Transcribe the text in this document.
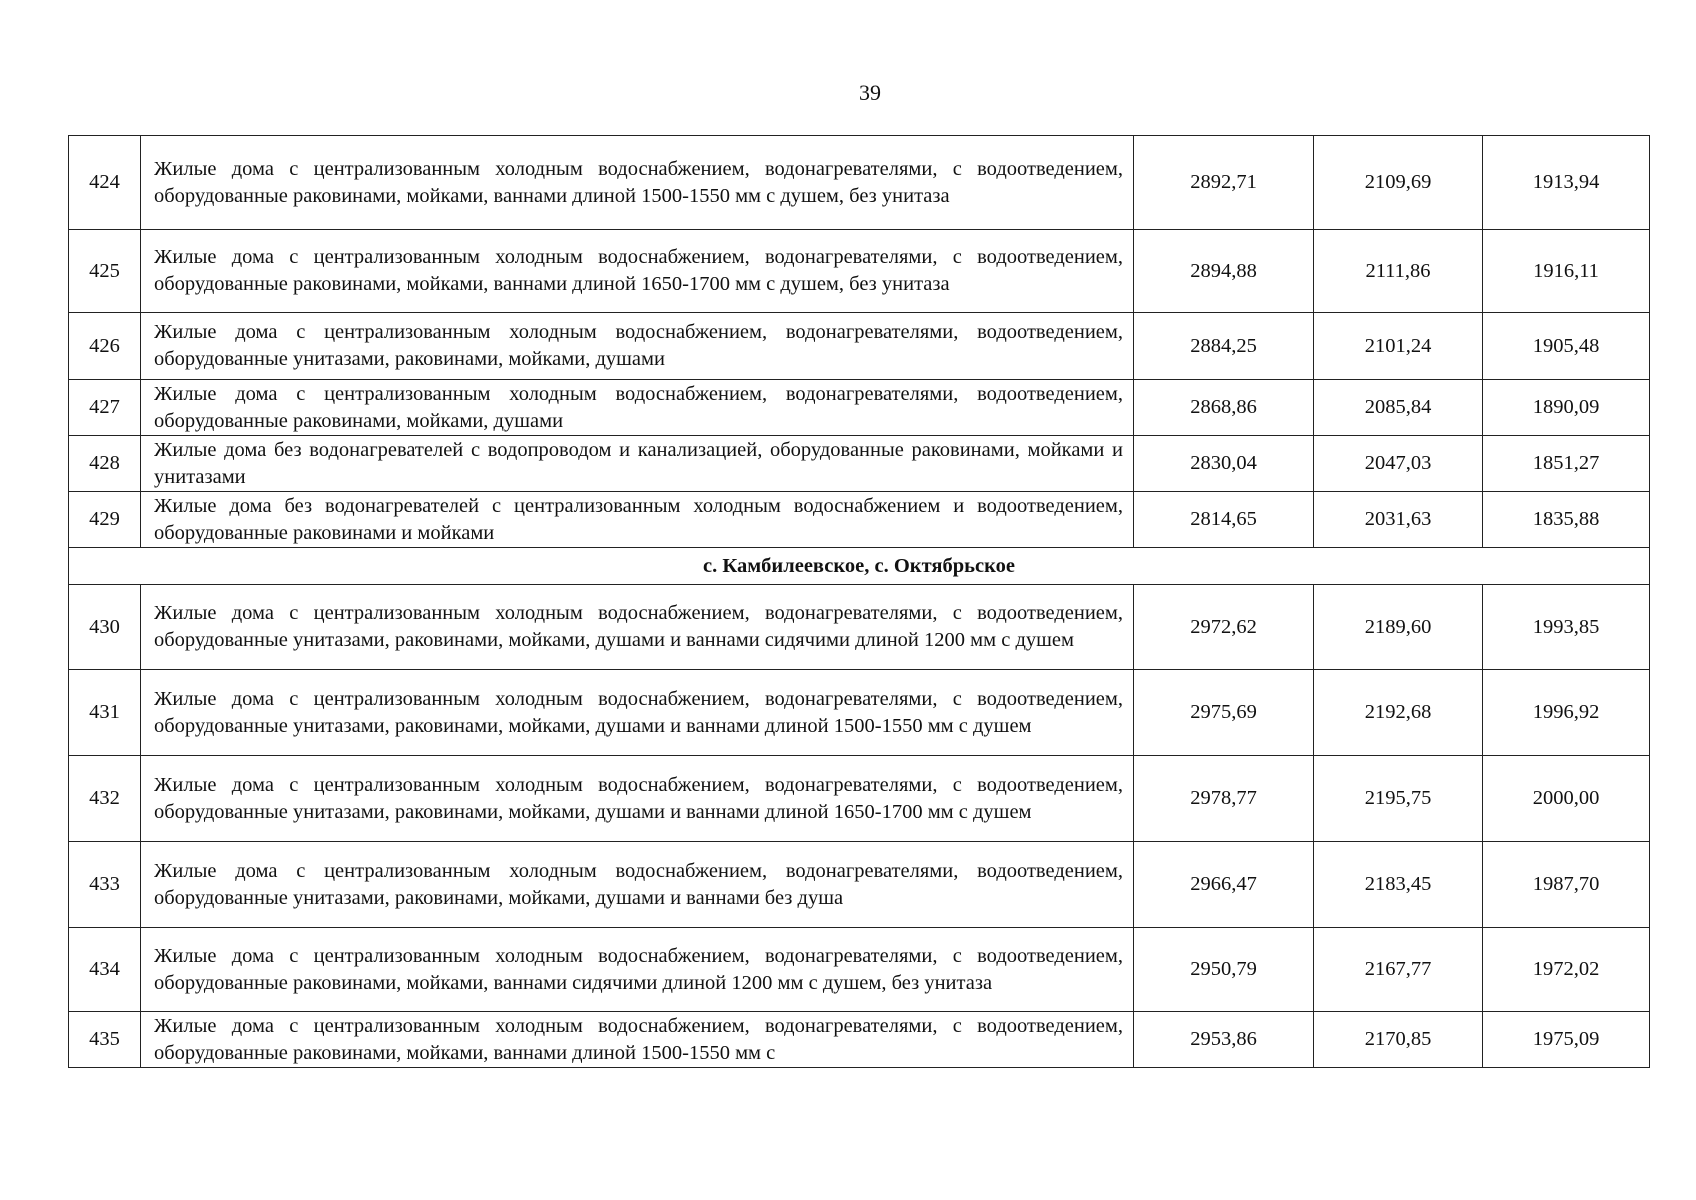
39
424	Жилые дома с централизованным холодным водоснабжением, водонагревателями, с водоотведением, оборудованные раковинами, мойками, ваннами длиной 1500-1550 мм с душем, без унитаза	2892,71	2109,69	1913,94
425	Жилые дома с централизованным холодным водоснабжением, водонагревателями, с водоотведением, оборудованные раковинами, мойками, ваннами длиной 1650-1700 мм с душем, без унитаза	2894,88	2111,86	1916,11
426	Жилые дома с централизованным холодным водоснабжением, водонагревателями, водоотведением, оборудованные унитазами, раковинами, мойками, душами	2884,25	2101,24	1905,48
427	Жилые дома с централизованным холодным водоснабжением, водонагревателями, водоотведением, оборудованные раковинами, мойками, душами	2868,86	2085,84	1890,09
428	Жилые дома без водонагревателей с водопроводом и канализацией, оборудованные раковинами, мойками и унитазами	2830,04	2047,03	1851,27
429	Жилые дома без водонагревателей с централизованным холодным водоснабжением и водоотведением, оборудованные раковинами и мойками	2814,65	2031,63	1835,88
с. Камбилеевское, с. Октябрьское				
430	Жилые дома с централизованным холодным водоснабжением, водонагревателями, с водоотведением, оборудованные унитазами, раковинами, мойками, душами и ваннами сидячими длиной 1200 мм с душем	2972,62	2189,60	1993,85
431	Жилые дома с централизованным холодным водоснабжением, водонагревателями, с водоотведением, оборудованные унитазами, раковинами, мойками, душами и ваннами длиной 1500-1550 мм с душем	2975,69	2192,68	1996,92
432	Жилые дома с централизованным холодным водоснабжением, водонагревателями, с водоотведением, оборудованные унитазами, раковинами, мойками, душами и ваннами длиной 1650-1700 мм с душем	2978,77	2195,75	2000,00
433	Жилые дома с централизованным холодным водоснабжением, водонагревателями, водоотведением, оборудованные унитазами, раковинами, мойками, душами и ваннами без душа	2966,47	2183,45	1987,70
434	Жилые дома с централизованным холодным водоснабжением, водонагревателями, с водоотведением, оборудованные раковинами, мойками, ваннами сидячими длиной 1200 мм с душем, без унитаза	2950,79	2167,77	1972,02
435	Жилые дома с централизованным холодным водоснабжением, водонагревателями, с водоотведением, оборудованные раковинами, мойками, ваннами длиной 1500-1550 мм с	2953,86	2170,85	1975,09
